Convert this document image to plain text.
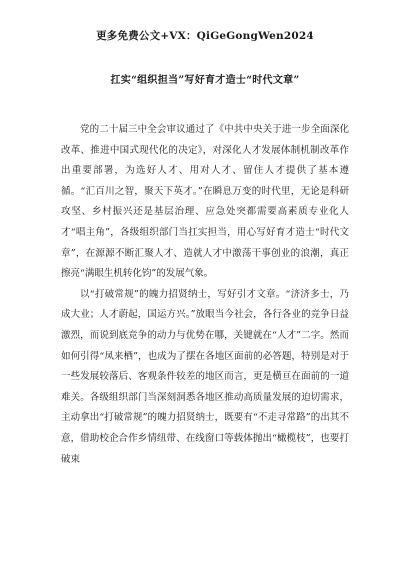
更多免费公文+VX：QiGeGongWen2024
扛实“组织担当”写好育才造士“时代文章”

党的二十届三中全会审议通过了《中共中央关于进一步全面深化改革、推进中国式现代化的决定》，对深化人才发展体制机制改革作出重要部署，为选好人才、用对人才、留住人才提供了基本遵循。“汇百川之智，聚天下英才。”在瞬息万变的时代里，无论是科研攻坚、乡村振兴还是基层治理、应急处突都需要高素质专业化人才“唱主角”，各级组织部门当扛实担当，用心写好育才造士“时代文章”，在源源不断汇聚人才、造就人才中激荡干事创业的浪潮，真正擦亮“满眼生机转化钧”的发展气象。

以“打破常规”的魄力招贤纳士，写好引才文章。“济济多士，乃成大业；人才蔚起，国运方兴。”放眼当今社会，各行各业的竞争日益激烈，而说到底竞争的动力与优势在哪，关键就在“人才”二字。然而如何引得“凤来栖”，也成为了摆在各地区面前的必答题，特别是对于一些发展较落后、客观条件较差的地区而言，更是横亘在面前的一道难关。各级组织部门当深刻洞悉各地区推动高质量发展的迫切需求，主动拿出“打破常规”的魄力招贤纳士，既要有“不走寻常路”的出其不意，借助校企合作乡情纽带、在线窗口等载体抛出“橄榄枝”，也要打破束
